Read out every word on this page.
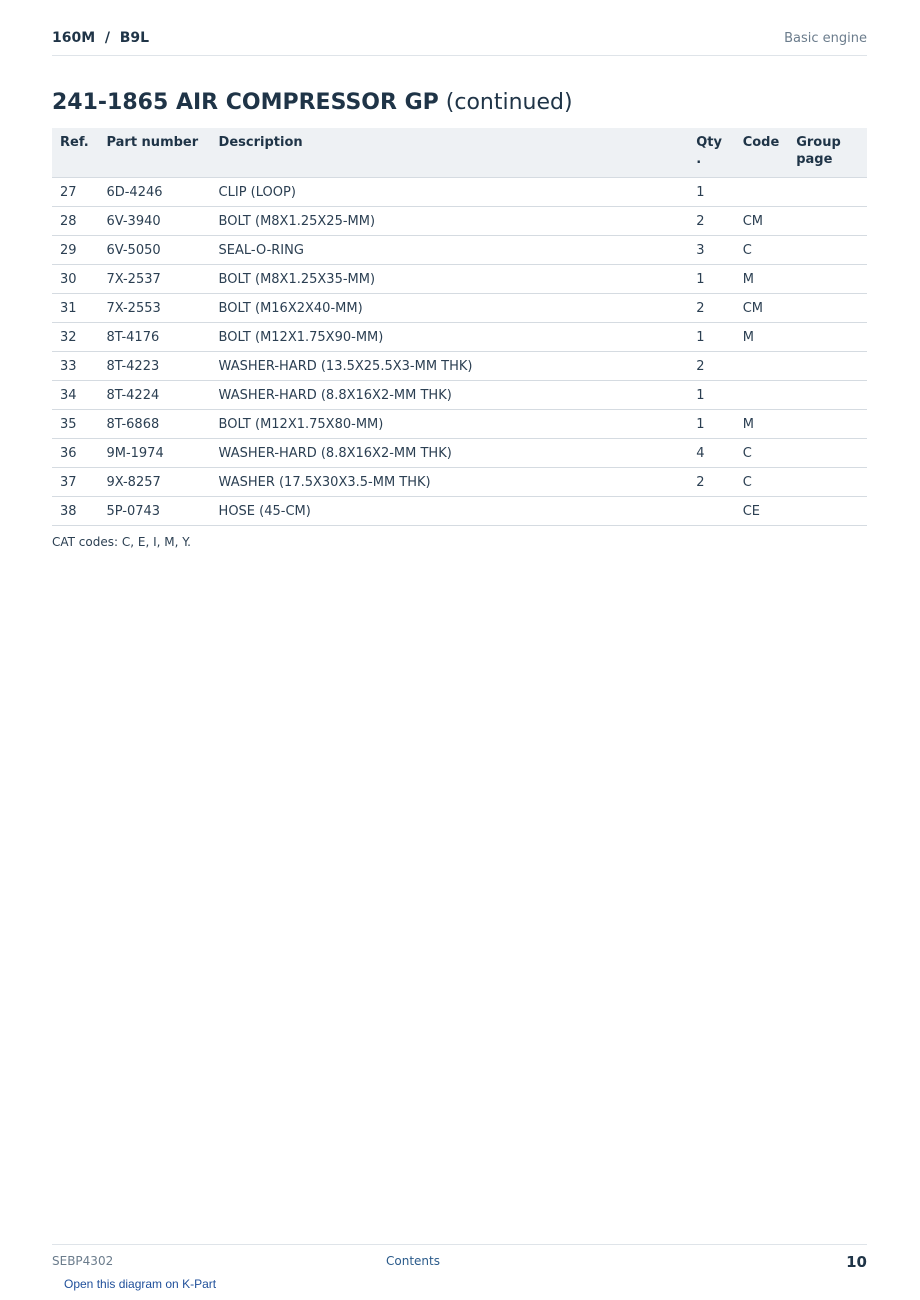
160M  /  B9L	Basic engine
241-1865 AIR COMPRESSOR GP (continued)
Ref.	Part number	Description	Qty .	Code	Group page
27	6D-4246	CLIP (LOOP)	1		
28	6V-3940	BOLT (M8X1.25X25-MM)	2	CM	
29	6V-5050	SEAL-O-RING	3	C	
30	7X-2537	BOLT (M8X1.25X35-MM)	1	M	
31	7X-2553	BOLT (M16X2X40-MM)	2	CM	
32	8T-4176	BOLT (M12X1.75X90-MM)	1	M	
33	8T-4223	WASHER-HARD (13.5X25.5X3-MM THK)	2		
34	8T-4224	WASHER-HARD (8.8X16X2-MM THK)	1		
35	8T-6868	BOLT (M12X1.75X80-MM)	1	M	
36	9M-1974	WASHER-HARD (8.8X16X2-MM THK)	4	C	
37	9X-8257	WASHER (17.5X30X3.5-MM THK)	2	C	
38	5P-0743	HOSE (45-CM)		CE	
CAT codes: C, E, I, M, Y.
SEBP4302	Contents	10
Open this diagram on K-Part
